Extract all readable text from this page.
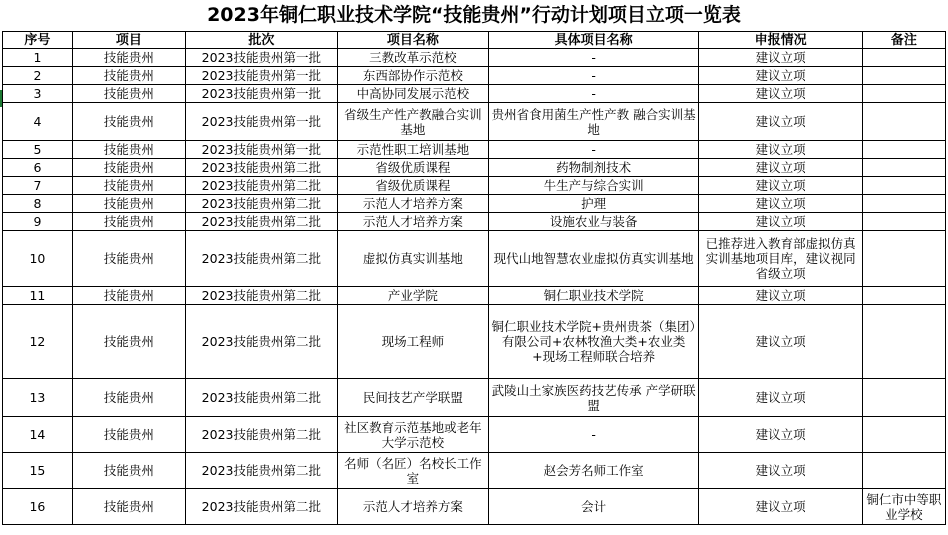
2023年铜仁职业技术学院“技能贵州”行动计划项目立项一览表
序号	项目	批次	项目名称	具体项目名称	申报情况	备注
1	技能贵州	2023技能贵州第一批	三教改革示范校	-	建议立项	
2	技能贵州	2023技能贵州第一批	东西部协作示范校	-	建议立项	
3	技能贵州	2023技能贵州第一批	中高协同发展示范校	-	建议立项	
4	技能贵州	2023技能贵州第一批	省级生产性产教融合实训基地	贵州省食用菌生产性产教 融合实训基地	建议立项	
5	技能贵州	2023技能贵州第一批	示范性职工培训基地	-	建议立项	
6	技能贵州	2023技能贵州第二批	省级优质课程	药物制剂技术	建议立项	
7	技能贵州	2023技能贵州第二批	省级优质课程	牛生产与综合实训	建议立项	
8	技能贵州	2023技能贵州第二批	示范人才培养方案	护理	建议立项	
9	技能贵州	2023技能贵州第二批	示范人才培养方案	设施农业与装备	建议立项	
10	技能贵州	2023技能贵州第二批	虚拟仿真实训基地	现代山地智慧农业虚拟仿真实训基地	已推荐进入教育部虚拟仿真实训基地项目库，建议视同省级立项	
11	技能贵州	2023技能贵州第二批	产业学院	铜仁职业技术学院	建议立项	
12	技能贵州	2023技能贵州第二批	现场工程师	铜仁职业技术学院+贵州贵茶（集团）有限公司+农林牧渔大类+农业类 +现场工程师联合培养	建议立项	
13	技能贵州	2023技能贵州第二批	民间技艺产学联盟	武陵山土家族医药技艺传承 产学研联盟	建议立项	
14	技能贵州	2023技能贵州第二批	社区教育示范基地或老年大学示范校	-	建议立项	
15	技能贵州	2023技能贵州第二批	名师（名匠）名校长工作室	赵会芳名师工作室	建议立项	
16	技能贵州	2023技能贵州第二批	示范人才培养方案	会计	建议立项	铜仁市中等职业学校
